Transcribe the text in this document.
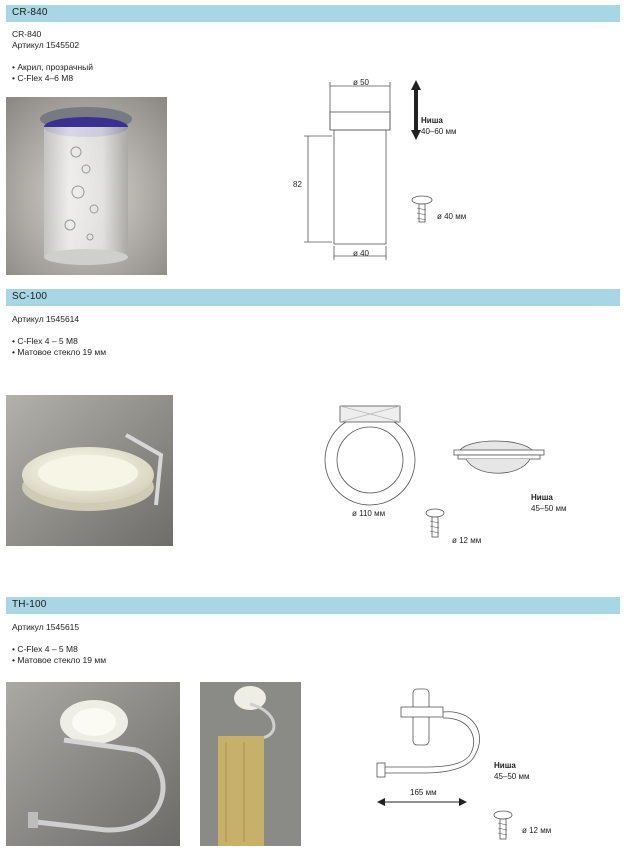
CR-840
CR-840
Артикул 1545502
• Акрил, прозрачный
• C-Flex 4–6 M8	ø 50
82
ø 40
Ниша
40–60 мм
ø 40 мм
SC-100
Артикул 1545614
• C-Flex 4 – 5 M8
• Матовое стекло 19 мм
ø 110 мм
Ниша
45–50 мм
ø 12 мм
TH-100
Артикул 1545615
• C-Flex 4 – 5 M8
• Матовое стекло 19 мм
165 мм
Ниша
45–50 мм
ø 12 мм
